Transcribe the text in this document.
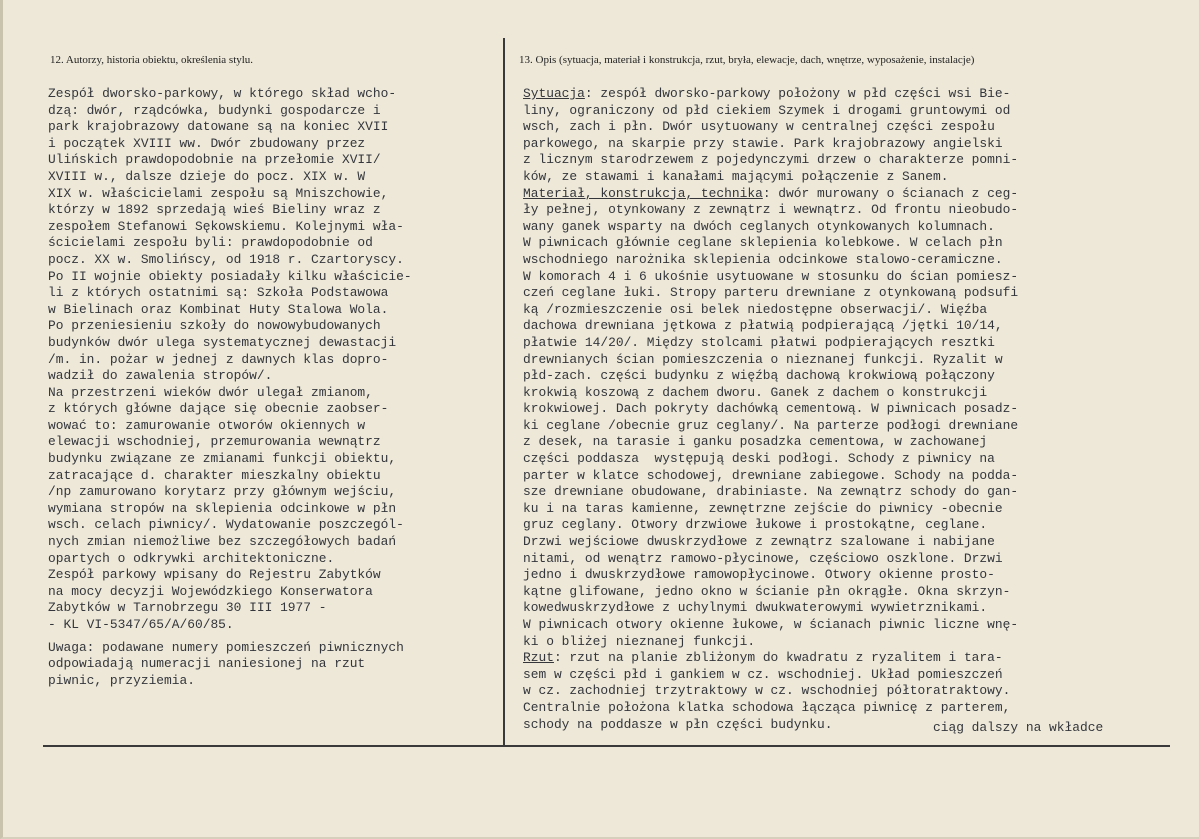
12. Autorzy, historia obiektu, określenia stylu.	13. Opis (sytuacja, materiał i konstrukcja, rzut, bryła, elewacje, dach, wnętrze, wyposażenie, instalacje)
Zespół dworsko-parkowy, w którego skład wcho-
dzą: dwór, rządcówka, budynki gospodarcze i
park krajobrazowy datowane są na koniec XVII
i początek XVIII ww. Dwór zbudowany przez
Ulińskich prawdopodobnie na przełomie XVII/
XVIII w., dalsze dzieje do pocz. XIX w. W
XIX w. właścicielami zespołu są Mniszchowie,
którzy w 1892 sprzedają wieś Bieliny wraz z
zespołem Stefanowi Sękowskiemu. Kolejnymi wła-
ścicielami zespołu byli: prawdopodobnie od
pocz. XX w. Smolińscy, od 1918 r. Czartoryscy.
Po II wojnie obiekty posiadały kilku właścicie-
li z których ostatnimi są: Szkoła Podstawowa
w Bielinach oraz Kombinat Huty Stalowa Wola.
Po przeniesieniu szkoły do nowowybudowanych
budynków dwór ulega systematycznej dewastacji
/m. in. pożar w jednej z dawnych klas dopro-
wadził do zawalenia stropów/.
Na przestrzeni wieków dwór ulegał zmianom,
z których główne dające się obecnie zaobser-
wować to: zamurowanie otworów okiennych w
elewacji wschodniej, przemurowania wewnątrz
budynku związane ze zmianami funkcji obiektu,
zatracające d. charakter mieszkalny obiektu
/np zamurowano korytarz przy głównym wejściu,
wymiana stropów na sklepienia odcinkowe w płn
wsch. celach piwnicy/. Wydatowanie poszczegól-
nych zmian niemożliwe bez szczegółowych badań
opartych o odkrywki architektoniczne.
Zespół parkowy wpisany do Rejestru Zabytków
na mocy decyzji Wojewódzkiego Konserwatora
Zabytków w Tarnobrzegu 30 III 1977 -
- KL VI-5347/65/A/60/85.
Uwaga: podawane numery pomieszczeń piwnicznych
odpowiadają numeracji naniesionej na rzut
piwnic, przyziemia.
Sytuacja: zespół dworsko-parkowy położony w płd części wsi Bie-
liny, ograniczony od płd ciekiem Szymek i drogami gruntowymi od
wsch, zach i płn. Dwór usytuowany w centralnej części zespołu
parkowego, na skarpie przy stawie. Park krajobrazowy angielski
z licznym starodrzewem z pojedynczymi drzew o charakterze pomni-
ków, ze stawami i kanałami mającymi połączenie z Sanem.
Materiał, konstrukcja, technika: dwór murowany o ścianach z ceg-
ły pełnej, otynkowany z zewnątrz i wewnątrz. Od frontu nieobudo-
wany ganek wsparty na dwóch ceglanych otynkowanych kolumnach.
W piwnicach głównie ceglane sklepienia kolebkowe. W celach płn
wschodniego narożnika sklepienia odcinkowe stalowo-ceramiczne.
W komorach 4 i 6 ukośnie usytuowane w stosunku do ścian pomiesz-
czeń ceglane łuki. Stropy parteru drewniane z otynkowaną podsufi
ką /rozmieszczenie osi belek niedostępne obserwacji/. Więźba
dachowa drewniana jętkowa z płatwią podpierającą /jętki 10/14,
płatwie 14/20/. Między stolcami płatwi podpierających resztki
drewnianych ścian pomieszczenia o nieznanej funkcji. Ryzalit w
płd-zach. części budynku z więźbą dachową krokwiową połączony
krokwią koszową z dachem dworu. Ganek z dachem o konstrukcji
krokwiowej. Dach pokryty dachówką cementową. W piwnicach posadz-
ki ceglane /obecnie gruz ceglany/. Na parterze podłogi drewniane
z desek, na tarasie i ganku posadzka cementowa, w zachowanej
części poddasza  występują deski podłogi. Schody z piwnicy na
parter w klatce schodowej, drewniane zabiegowe. Schody na podda-
sze drewniane obudowane, drabiniaste. Na zewnątrz schody do gan-
ku i na taras kamienne, zewnętrzne zejście do piwnicy -obecnie
gruz ceglany. Otwory drzwiowe łukowe i prostokątne, ceglane.
Drzwi wejściowe dwuskrzydłowe z zewnątrz szalowane i nabijane
nitami, od wenątrz ramowo-płycinowe, częściowo oszklone. Drzwi
jedno i dwuskrzydłowe ramowopłycinowe. Otwory okienne prosto-
kątne glifowane, jedno okno w ścianie płn okrągłe. Okna skrzyn-
kowedwuskrzydłowe z uchylnymi dwukwaterowymi wywietrznikami.
W piwnicach otwory okienne łukowe, w ścianach piwnic liczne wnę-
ki o bliżej nieznanej funkcji.
Rzut: rzut na planie zbliżonym do kwadratu z ryzalitem i tara-
sem w części płd i gankiem w cz. wschodniej. Układ pomieszczeń
w cz. zachodniej trzytraktowy w cz. wschodniej półtoratraktowy.
Centralnie położona klatka schodowa łącząca piwnicę z parterem,
schody na poddasze w płn części budynku.	ciąg dalszy na wkładce
